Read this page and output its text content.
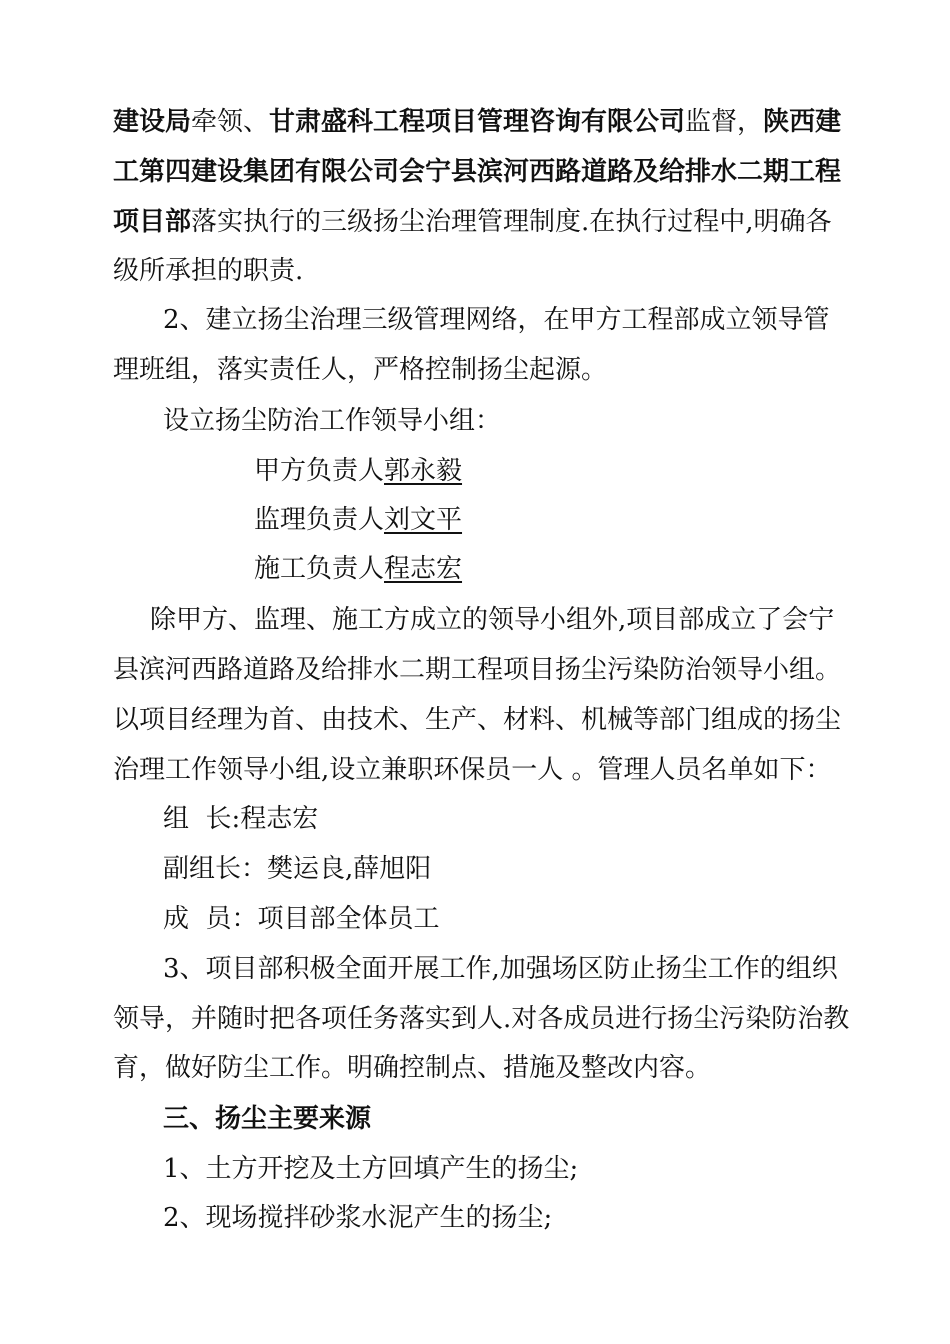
建设局牵领、甘肃盛科工程项目管理咨询有限公司监督，陕西建
工第四建设集团有限公司会宁县滨河西路道路及给排水二期工程
项目部落实执行的三级扬尘治理管理制度.在执行过程中,明确各
级所承担的职责.
2、建立扬尘治理三级管理网络，在甲方工程部成立领导管
理班组，落实责任人，严格控制扬尘起源。
设立扬尘防治工作领导小组：
甲方负责人郭永毅
监理负责人刘文平
施工负责人程志宏
除甲方、监理、施工方成立的领导小组外,项目部成立了会宁
县滨河西路道路及给排水二期工程项目扬尘污染防治领导小组。
以项目经理为首、由技术、生产、材料、机械等部门组成的扬尘
治理工作领导小组,设立兼职环保员一人 。管理人员名单如下：
组  长:程志宏
副组长：樊运良,薛旭阳
成  员：项目部全体员工
3、项目部积极全面开展工作,加强场区防止扬尘工作的组织
领导，并随时把各项任务落实到人.对各成员进行扬尘污染防治教
育，做好防尘工作。明确控制点、措施及整改内容。
三、扬尘主要来源
1、土方开挖及土方回填产生的扬尘;
2、现场搅拌砂浆水泥产生的扬尘;
